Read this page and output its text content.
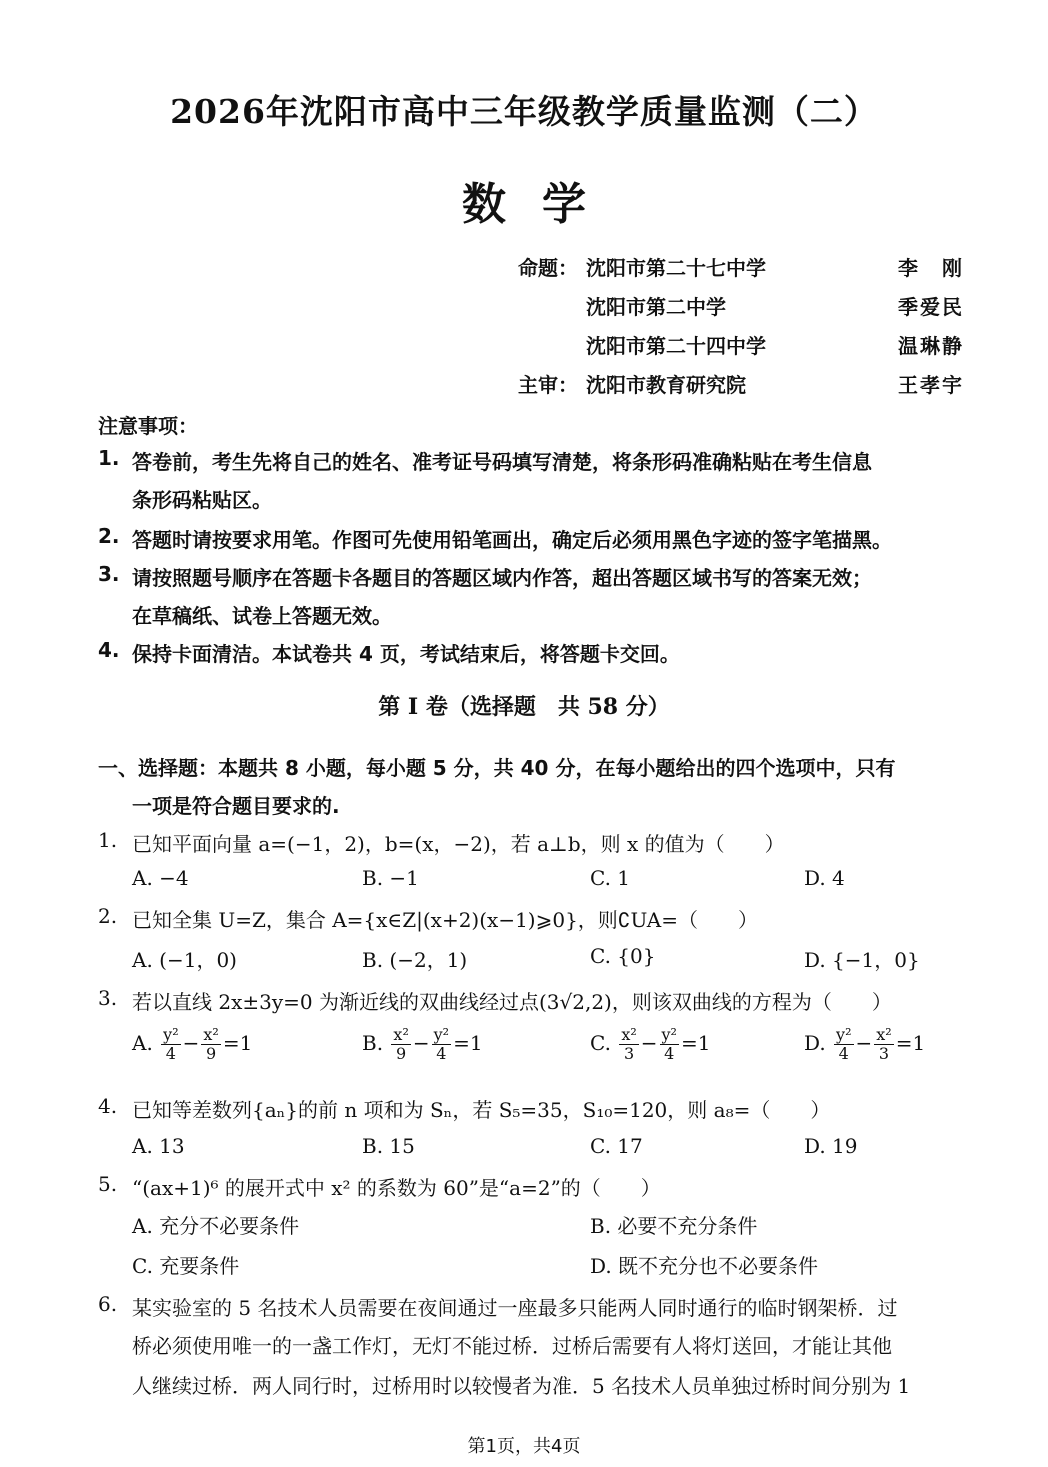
2026年沈阳市高中三年级教学质量监测（二）
数学
命题： 沈阳市第二十七中学	李　刚
沈阳市第二中学	季爱民
沈阳市第二十四中学	温琳静
主审： 沈阳市教育研究院	王孝宇
注意事项：
1. 答卷前，考生先将自己的姓名、准考证号码填写清楚，将条形码准确粘贴在考生信息
条形码粘贴区。
2. 答题时请按要求用笔。作图可先使用铅笔画出，确定后必须用黑色字迹的签字笔描黑。
3. 请按照题号顺序在答题卡各题目的答题区域内作答，超出答题区域书写的答案无效；
在草稿纸、试卷上答题无效。
4. 保持卡面清洁。本试卷共 4 页，考试结束后，将答题卡交回。
第 I 卷（选择题　共 58 分）
一、选择题：本题共 8 小题，每小题 5 分，共 40 分，在每小题给出的四个选项中，只有
一项是符合题目要求的.
1. 已知平面向量 a=(−1，2)，b=(x，−2)，若 a⊥b，则 x 的值为（　　）
A. −4	B. −1	C. 1	D. 4
2. 已知全集 U=Z，集合 A={x∈Z|(x+2)(x−1)⩾0}，则∁UA=（　　）
A. (−1，0)	B. (−2，1)	C. {0}	D. {−1，0}
3. 若以直线 2x±3y=0 为渐近线的双曲线经过点(3√2,2)，则该双曲线的方程为（　　）
A. $\frac{\text{y²}}{4} - \frac{\text{x²}}{9} =1$	B. $\frac{\text{x²}}{9} - \frac{\text{y²}}{4} =1$	C. $\frac{\text{x²}}{3} - \frac{\text{y²}}{4} =1$	D. $\frac{\text{y²}}{4} - \frac{\text{x²}}{3} =1$
4. 已知等差数列{aₙ}的前 n 项和为 Sₙ，若 S₅=35，S₁₀=120，则 a₈=（　　）
A. 13	B. 15	C. 17	D. 19
5. “(ax+1)⁶ 的展开式中 x² 的系数为 60”是“a=2”的（　　）
A. 充分不必要条件	B. 必要不充分条件
C. 充要条件	D. 既不充分也不必要条件
6. 某实验室的 5 名技术人员需要在夜间通过一座最多只能两人同时通行的临时钢架桥．过
桥必须使用唯一的一盏工作灯，无灯不能过桥．过桥后需要有人将灯送回，才能让其他
人继续过桥．两人同行时，过桥用时以较慢者为准．5 名技术人员单独过桥时间分别为 1
第1页，共4页
